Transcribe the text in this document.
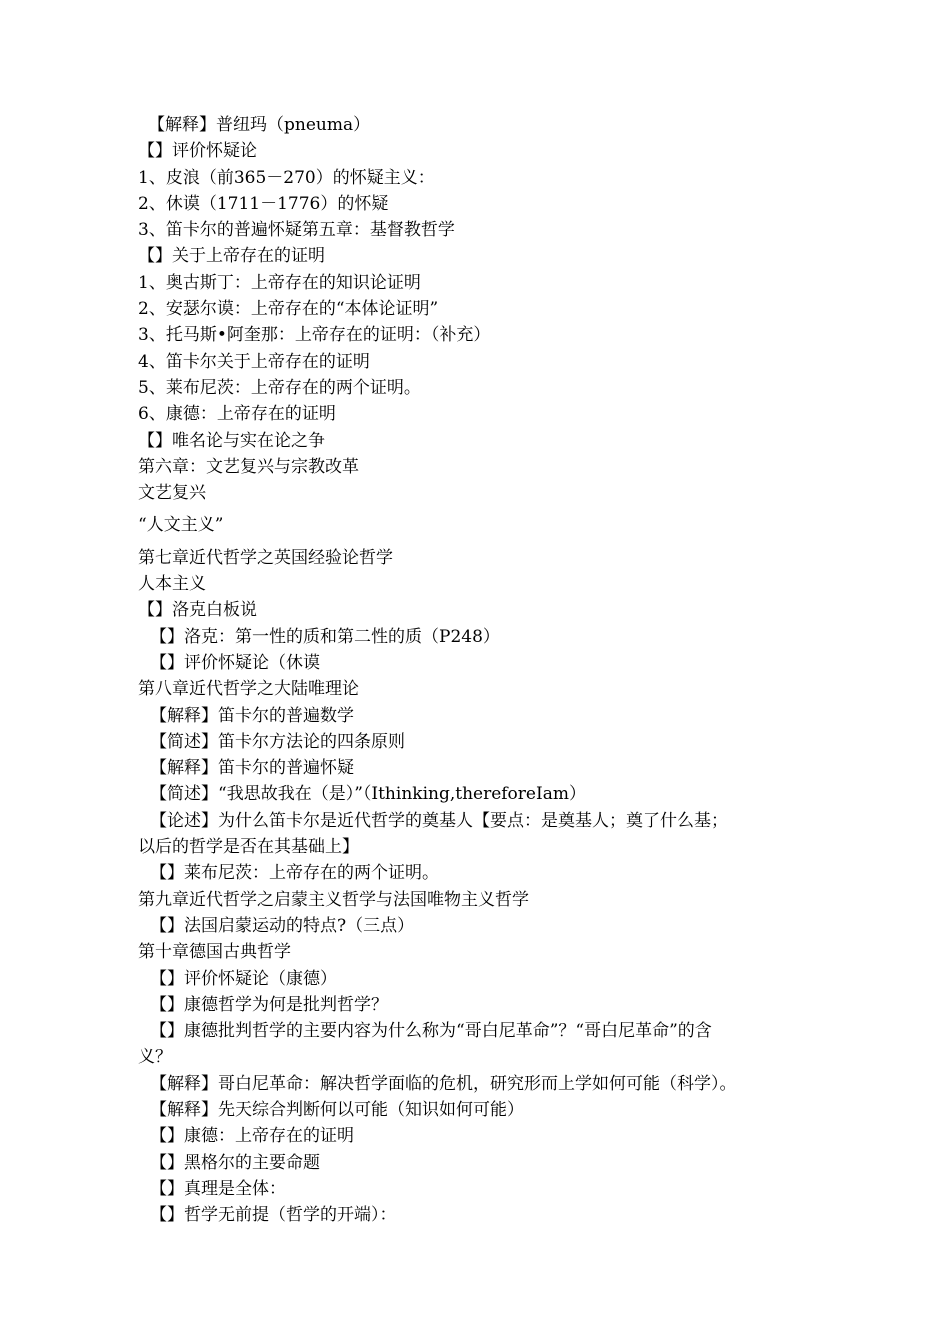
【解释】普纽玛（pneuma）
【】评价怀疑论
1、皮浪（前365－270）的怀疑主义：
2、休谟（1711－1776）的怀疑
3、笛卡尔的普遍怀疑第五章：基督教哲学
【】关于上帝存在的证明
1、奥古斯丁：上帝存在的知识论证明
2、安瑟尔谟：上帝存在的“本体论证明”
3、托马斯•阿奎那：上帝存在的证明：（补充）
4、笛卡尔关于上帝存在的证明
5、莱布尼茨：上帝存在的两个证明。
6、康德：上帝存在的证明
【】唯名论与实在论之争
第六章：文艺复兴与宗教改革
文艺复兴
“人文主义”
第七章近代哲学之英国经验论哲学
人本主义
【】洛克白板说
【】洛克：第一性的质和第二性的质（P248）
【】评价怀疑论（休谟
第八章近代哲学之大陆唯理论
【解释】笛卡尔的普遍数学
【简述】笛卡尔方法论的四条原则
【解释】笛卡尔的普遍怀疑
【简述】“我思故我在（是）”（Ithinking,thereforeIam）
【论述】为什么笛卡尔是近代哲学的奠基人【要点：是奠基人；奠了什么基；
以后的哲学是否在其基础上】
【】莱布尼茨：上帝存在的两个证明。
第九章近代哲学之启蒙主义哲学与法国唯物主义哲学
【】法国启蒙运动的特点?（三点）
第十章德国古典哲学
【】评价怀疑论（康德）
【】康德哲学为何是批判哲学？
【】康德批判哲学的主要内容为什么称为“哥白尼革命”？“哥白尼革命”的含
义？
【解释】哥白尼革命：解决哲学面临的危机，研究形而上学如何可能（科学）。
【解释】先天综合判断何以可能（知识如何可能）
【】康德：上帝存在的证明
【】黑格尔的主要命题
【】真理是全体：
【】哲学无前提（哲学的开端）：
